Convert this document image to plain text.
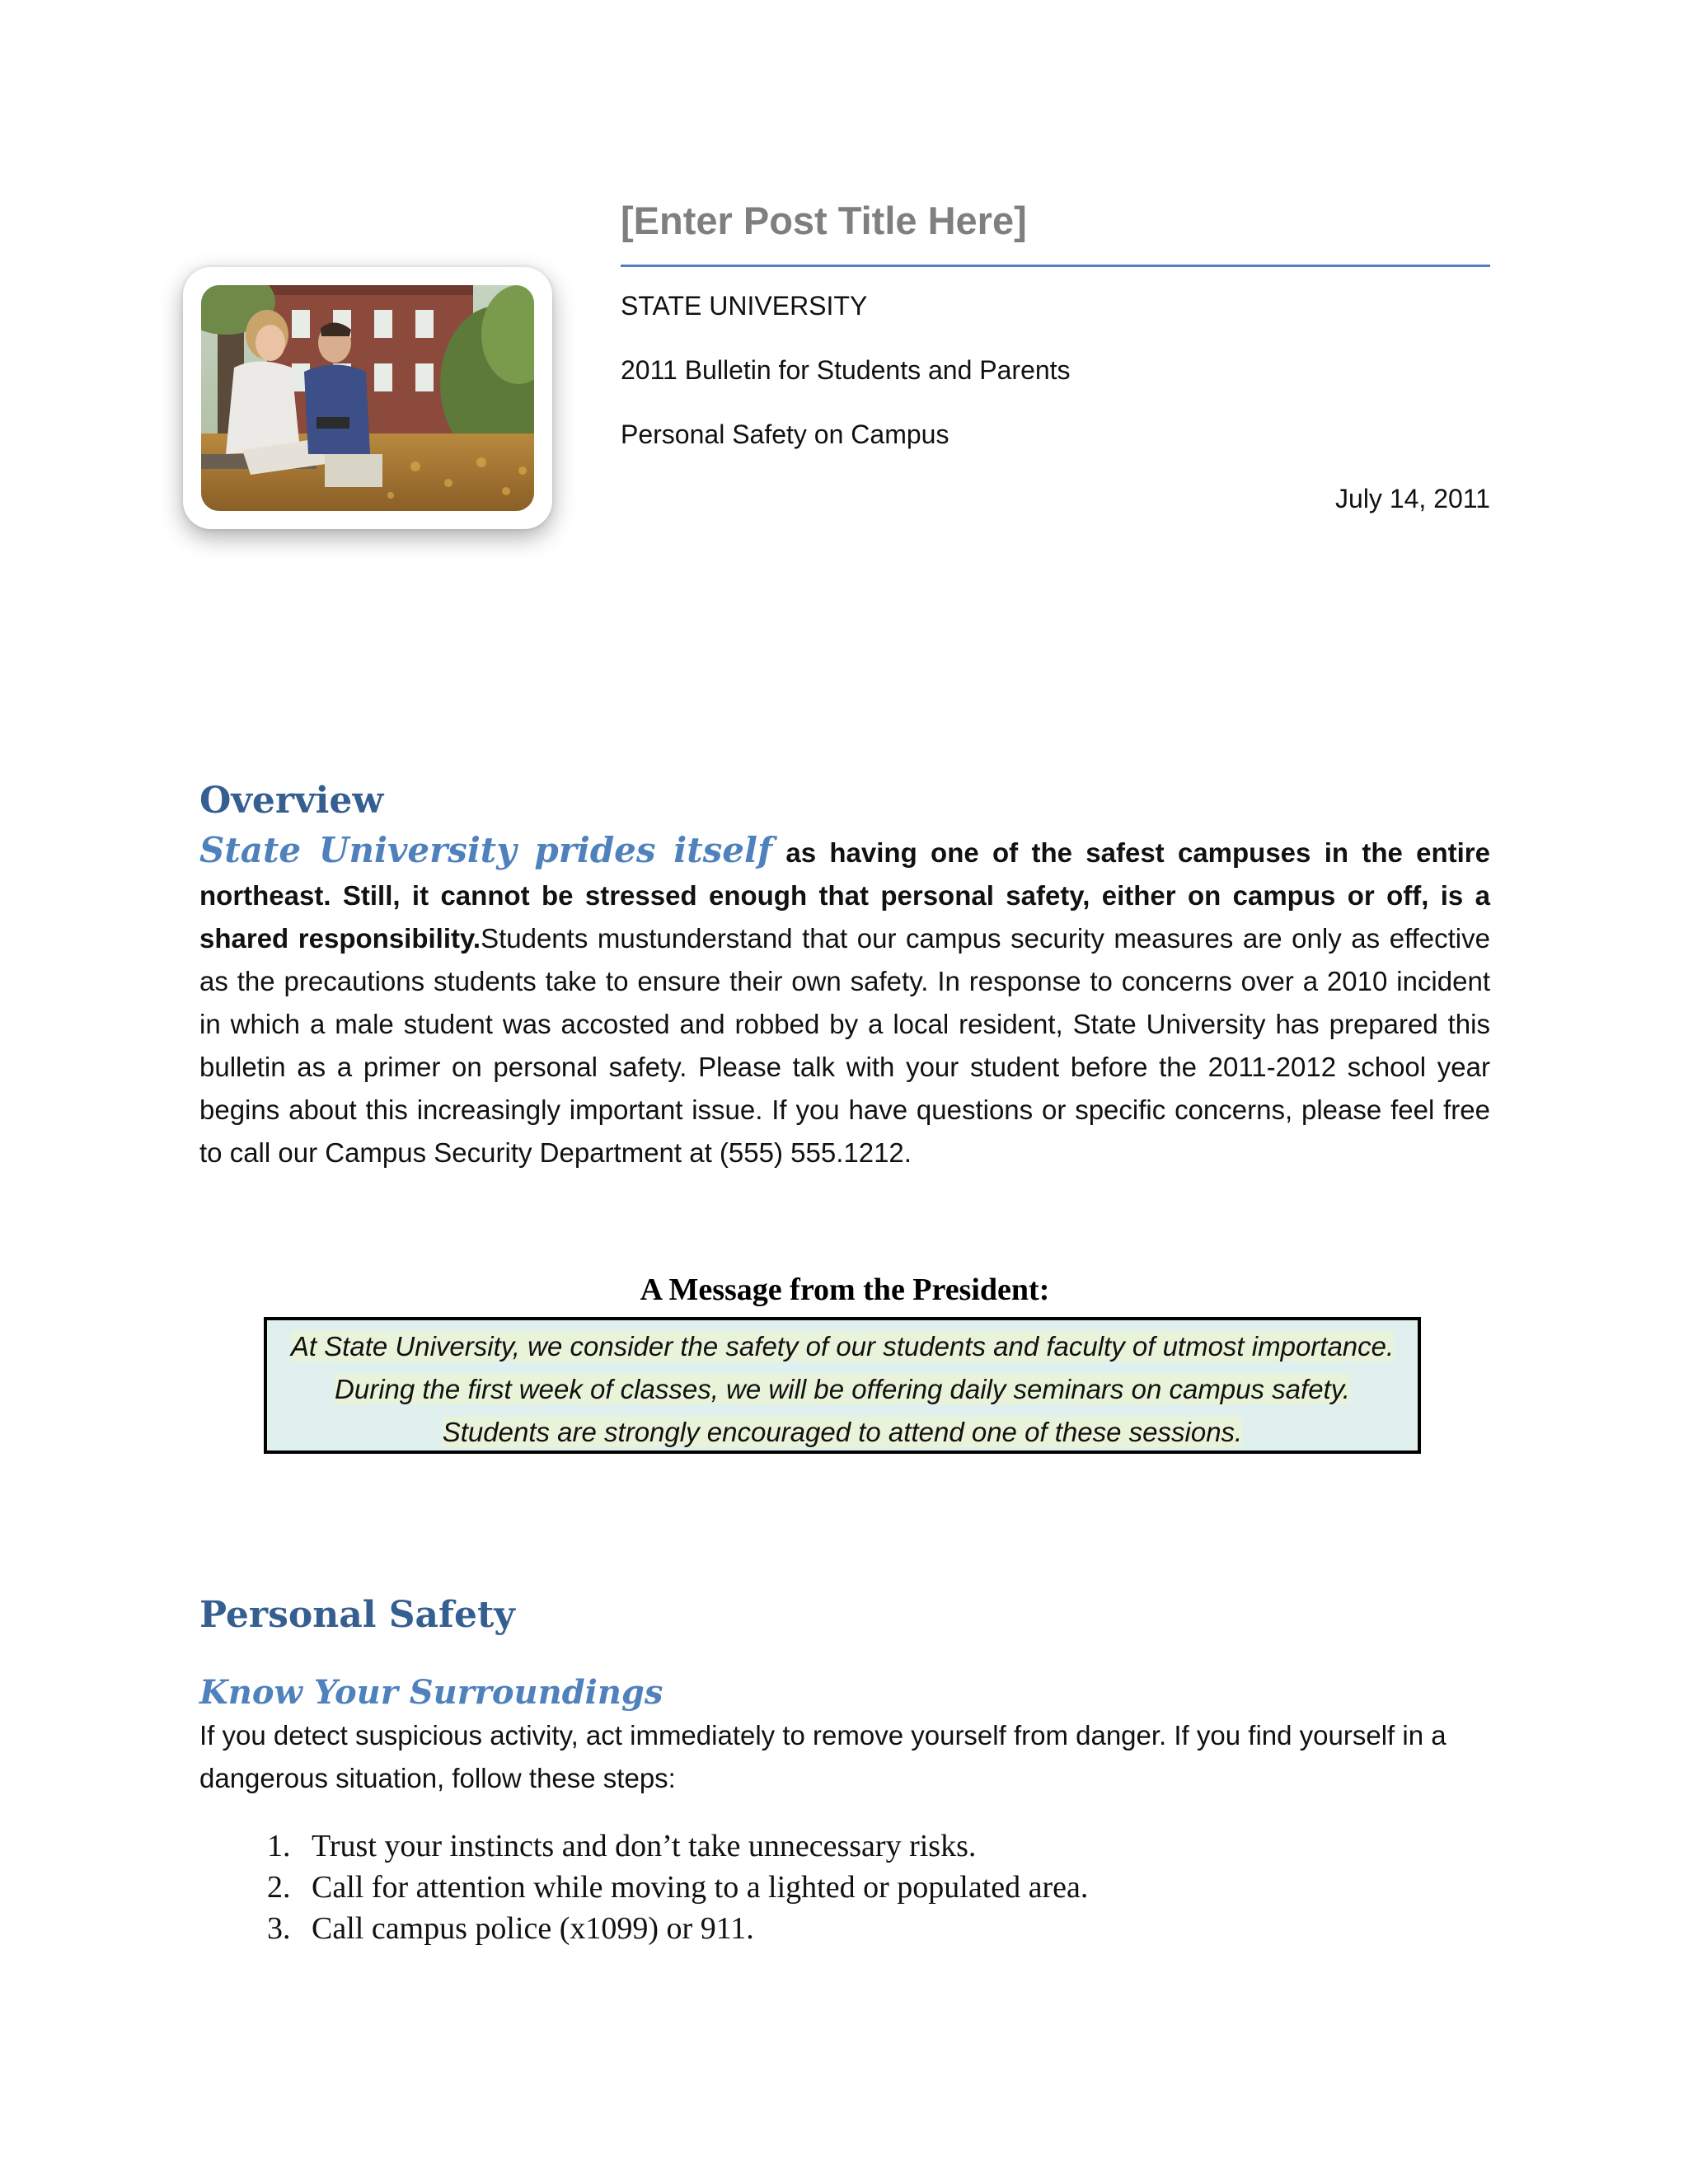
[Enter Post Title Here]
STATE UNIVERSITY
2011 Bulletin for Students and Parents
Personal Safety on Campus
July 14, 2011
Overview
State University prides itself as having one of the safest campuses in the entire northeast. Still, it cannot be stressed enough that personal safety, either on campus or off, is a shared responsibility.Students mustunderstand that our campus security measures are only as effective as the precautions students take to ensure their own safety. In response to concerns over a 2010 incident in which a male student was accosted and robbed by a local resident, State University has prepared this bulletin as a primer on personal safety. Please talk with your student before the 2011-2012 school year begins about this increasingly important issue. If you have questions or specific concerns, please feel free to call our Campus Security Department at (555) 555.1212.
A Message from the President:
At State University, we consider the safety of our students and faculty of utmost importance. During the first week of classes, we will be offering daily seminars on campus safety. Students are strongly encouraged to attend one of these sessions.
Personal Safety
Know Your Surroundings
If you detect suspicious activity, act immediately to remove yourself from danger. If you find yourself in a dangerous situation, follow these steps:
1. Trust your instincts and don’t take unnecessary risks.
2. Call for attention while moving to a lighted or populated area.
3. Call campus police (x1099) or 911.
